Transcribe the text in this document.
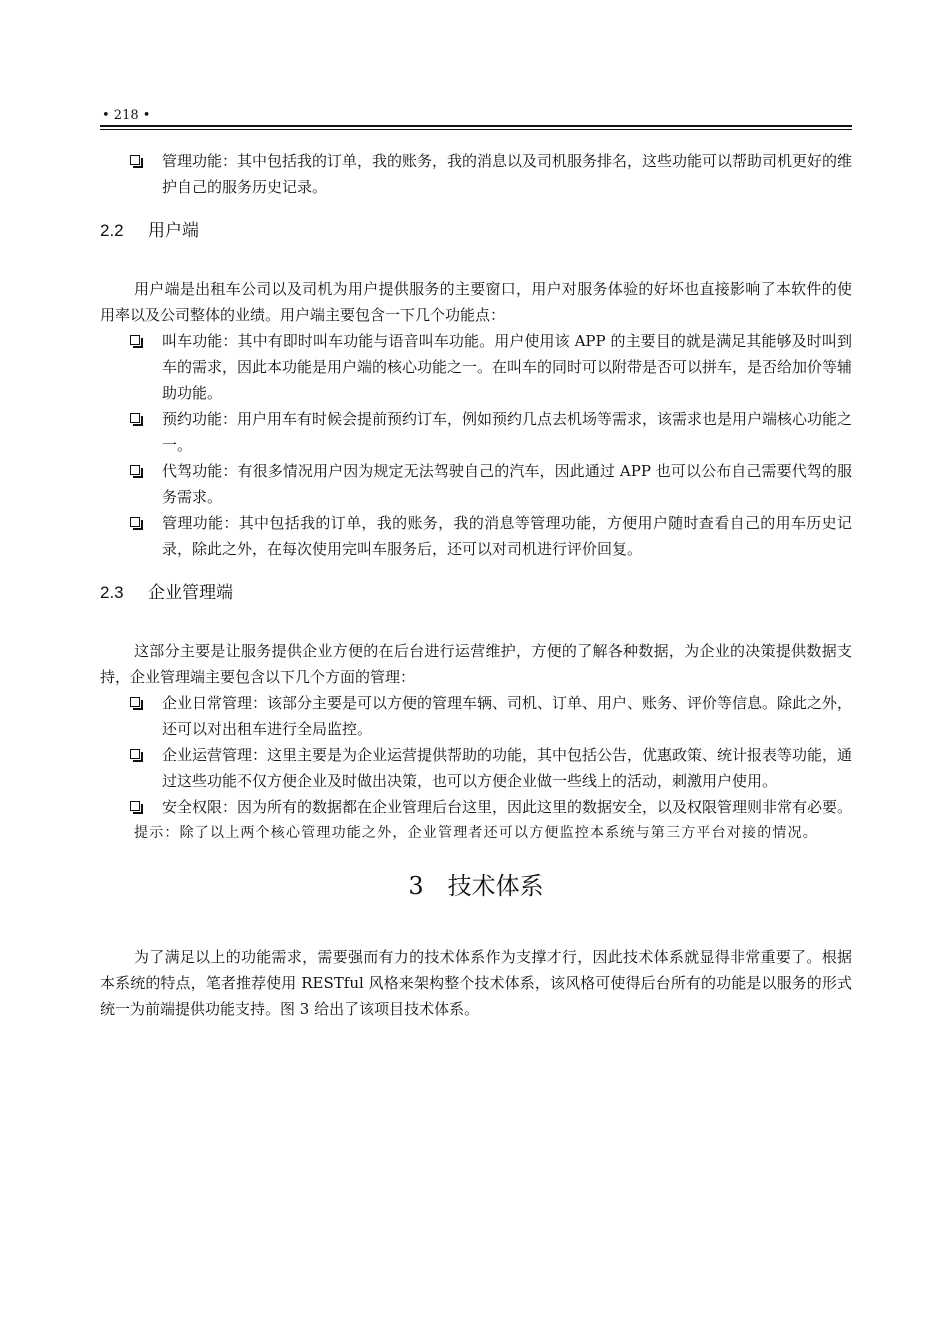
• 218 •
管理功能：其中包括我的订单，我的账务，我的消息以及司机服务排名，这些功能可以帮助司机更好的维护自己的服务历史记录。
2.2 用户端

用户端是出租车公司以及司机为用户提供服务的主要窗口，用户对服务体验的好坏也直接影响了本软件的使用率以及公司整体的业绩。用户端主要包含一下几个功能点：

叫车功能：其中有即时叫车功能与语音叫车功能。用户使用该 APP 的主要目的就是满足其能够及时叫到车的需求，因此本功能是用户端的核心功能之一。在叫车的同时可以附带是否可以拼车，是否给加价等辅助功能。
预约功能：用户用车有时候会提前预约订车，例如预约几点去机场等需求，该需求也是用户端核心功能之一。
代驾功能：有很多情况用户因为规定无法驾驶自己的汽车，因此通过 APP 也可以公布自己需要代驾的服务需求。
管理功能：其中包括我的订单，我的账务，我的消息等管理功能，方便用户随时查看自己的用车历史记录，除此之外，在每次使用完叫车服务后，还可以对司机进行评价回复。
2.3 企业管理端

这部分主要是让服务提供企业方便的在后台进行运营维护，方便的了解各种数据，为企业的决策提供数据支持，企业管理端主要包含以下几个方面的管理：

企业日常管理：该部分主要是可以方便的管理车辆、司机、订单、用户、账务、评价等信息。除此之外，还可以对出租车进行全局监控。
企业运营管理：这里主要是为企业运营提供帮助的功能，其中包括公告，优惠政策、统计报表等功能，通过这些功能不仅方便企业及时做出决策，也可以方便企业做一些线上的活动，刺激用户使用。
安全权限：因为所有的数据都在企业管理后台这里，因此这里的数据安全，以及权限管理则非常有必要。

提示：除了以上两个核心管理功能之外，企业管理者还可以方便监控本系统与第三方平台对接的情况。

3 技术体系

为了满足以上的功能需求，需要强而有力的技术体系作为支撑才行，因此技术体系就显得非常重要了。根据本系统的特点，笔者推荐使用 RESTful 风格来架构整个技术体系，该风格可使得后台所有的功能是以服务的形式统一为前端提供功能支持。图 3 给出了该项目技术体系。
